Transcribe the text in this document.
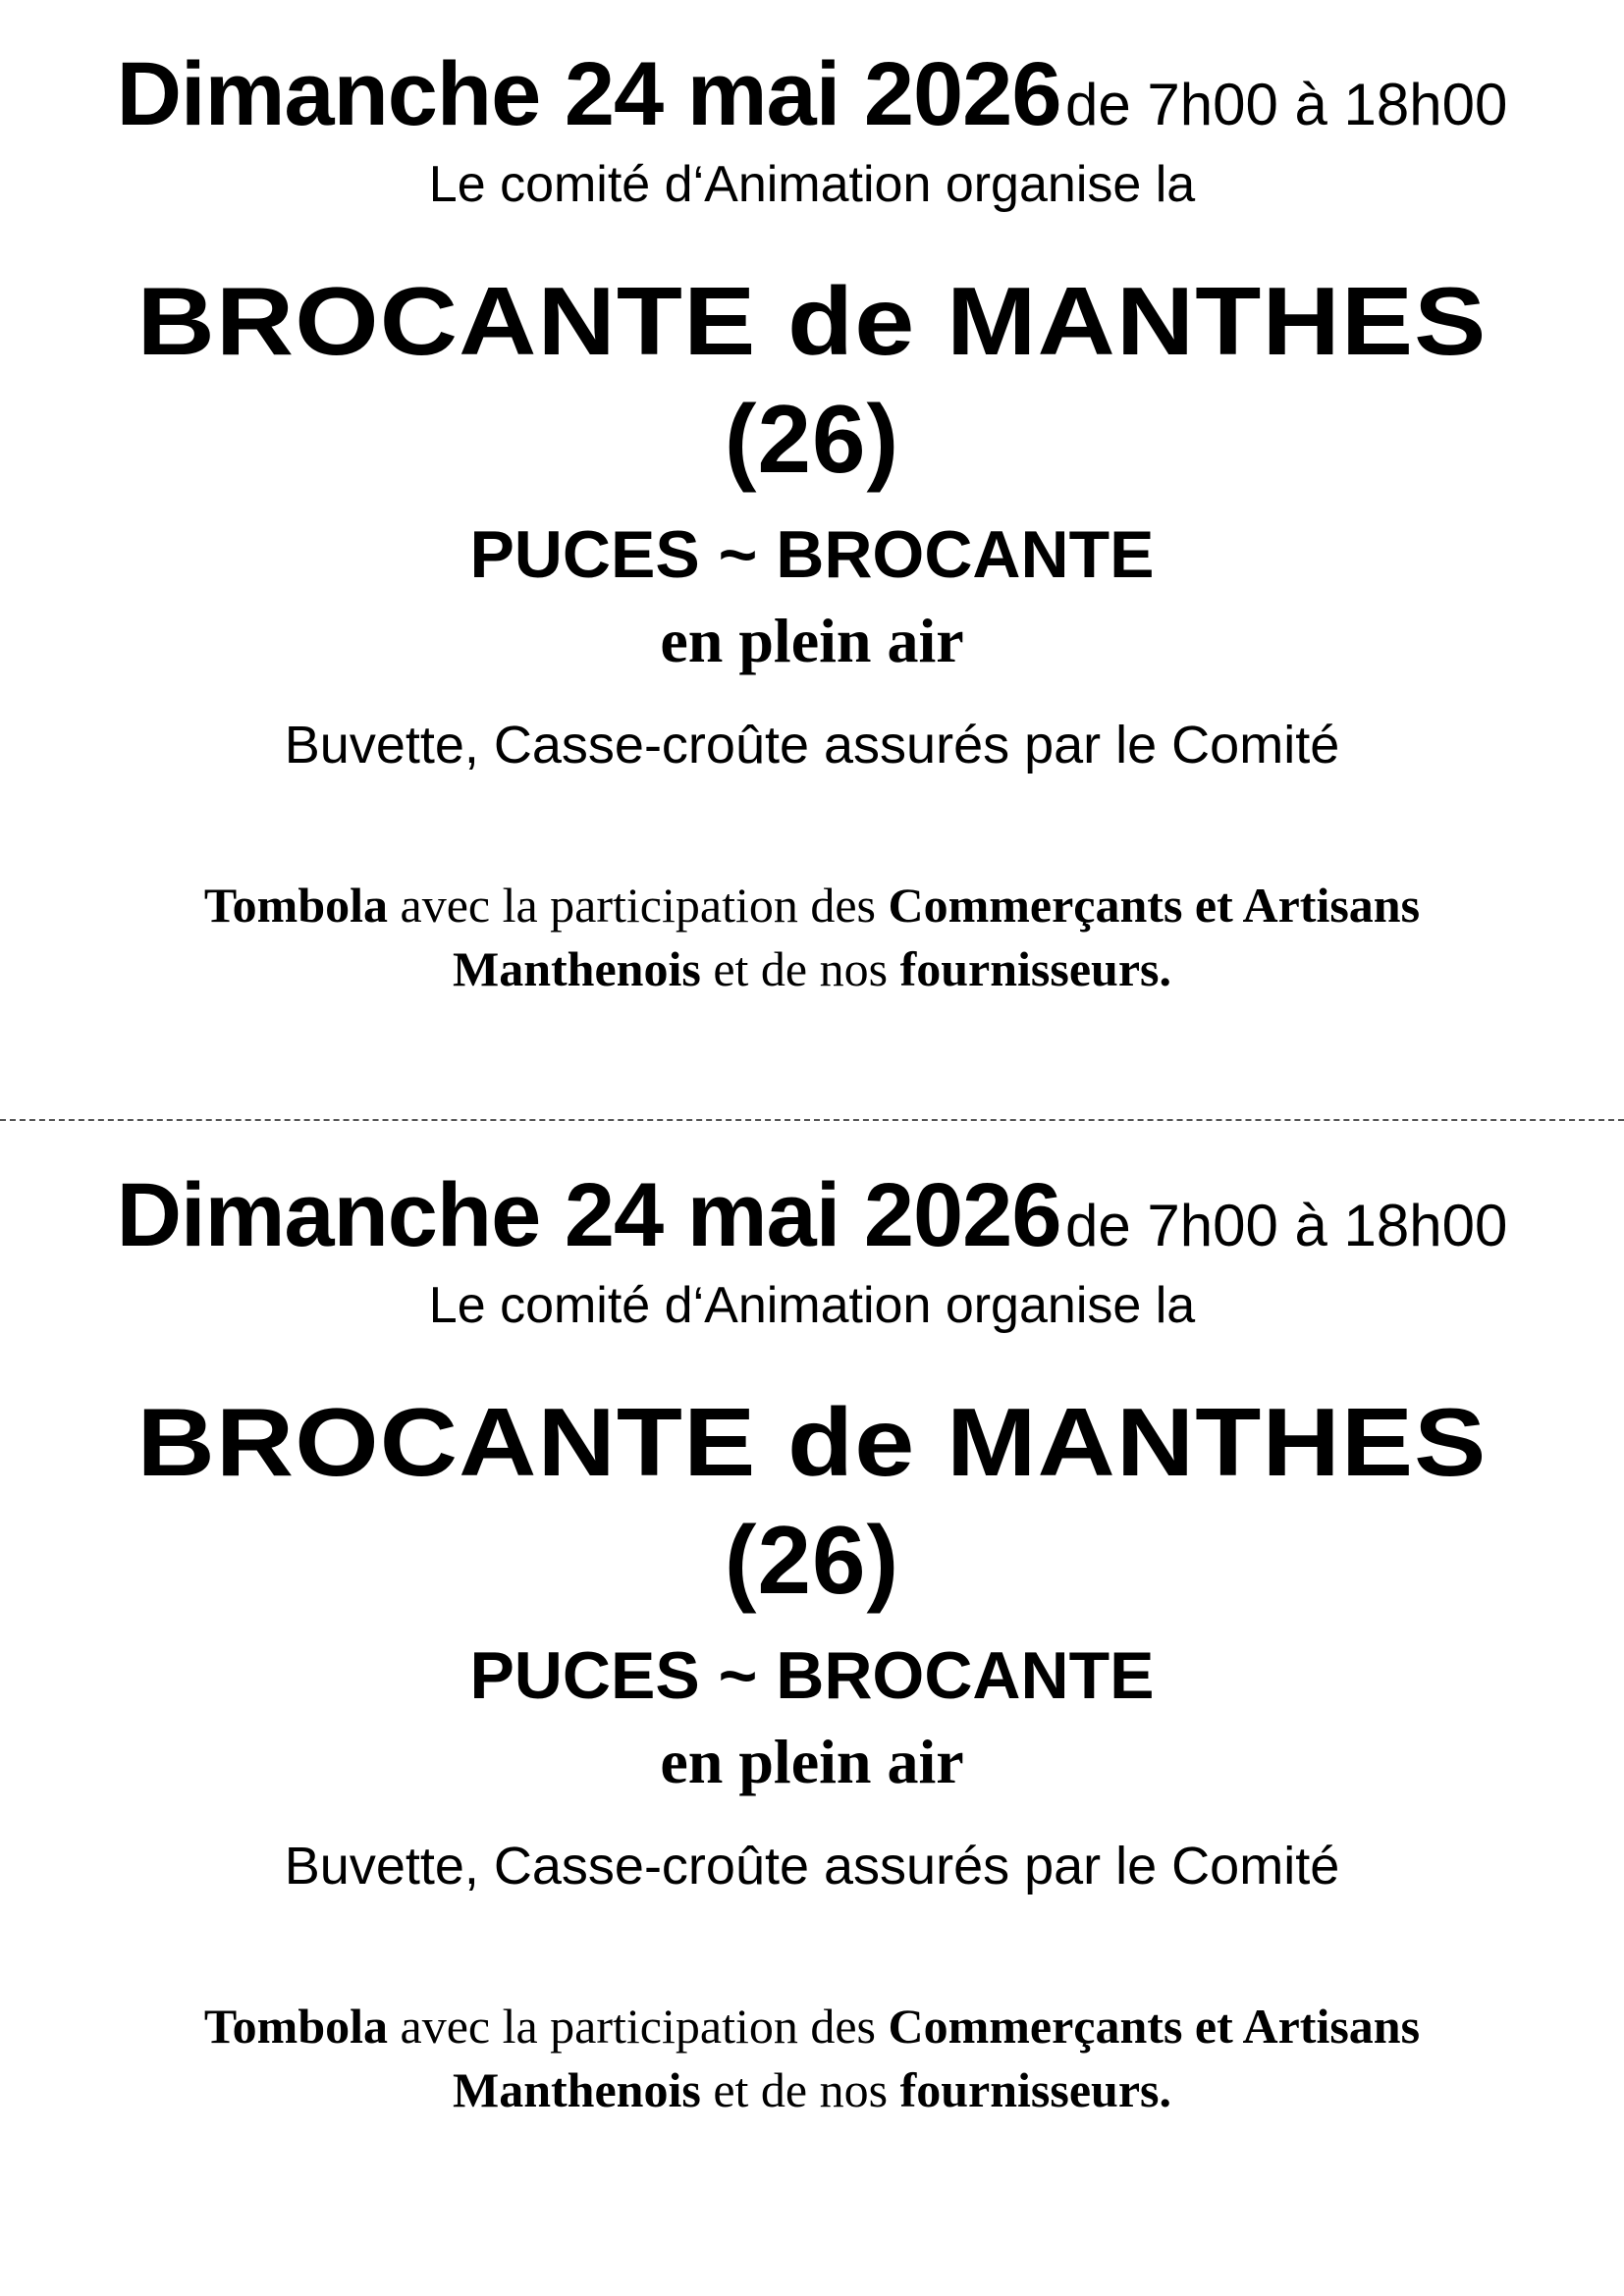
Dimanche 24 mai 2026 de 7h00 à 18h00
Le comité d‘Animation organise la
BROCANTE de MANTHES
(26)
PUCES ~ BROCANTE
en plein air
Buvette, Casse-croûte assurés par le Comité
Tombola avec la participation des Commerçants et Artisans Manthenois et de nos fournisseurs.
Dimanche 24 mai 2026 de 7h00 à 18h00
Le comité d‘Animation organise la
BROCANTE de MANTHES
(26)
PUCES ~ BROCANTE
en plein air
Buvette, Casse-croûte assurés par le Comité
Tombola avec la participation des Commerçants et Artisans Manthenois et de nos fournisseurs.
